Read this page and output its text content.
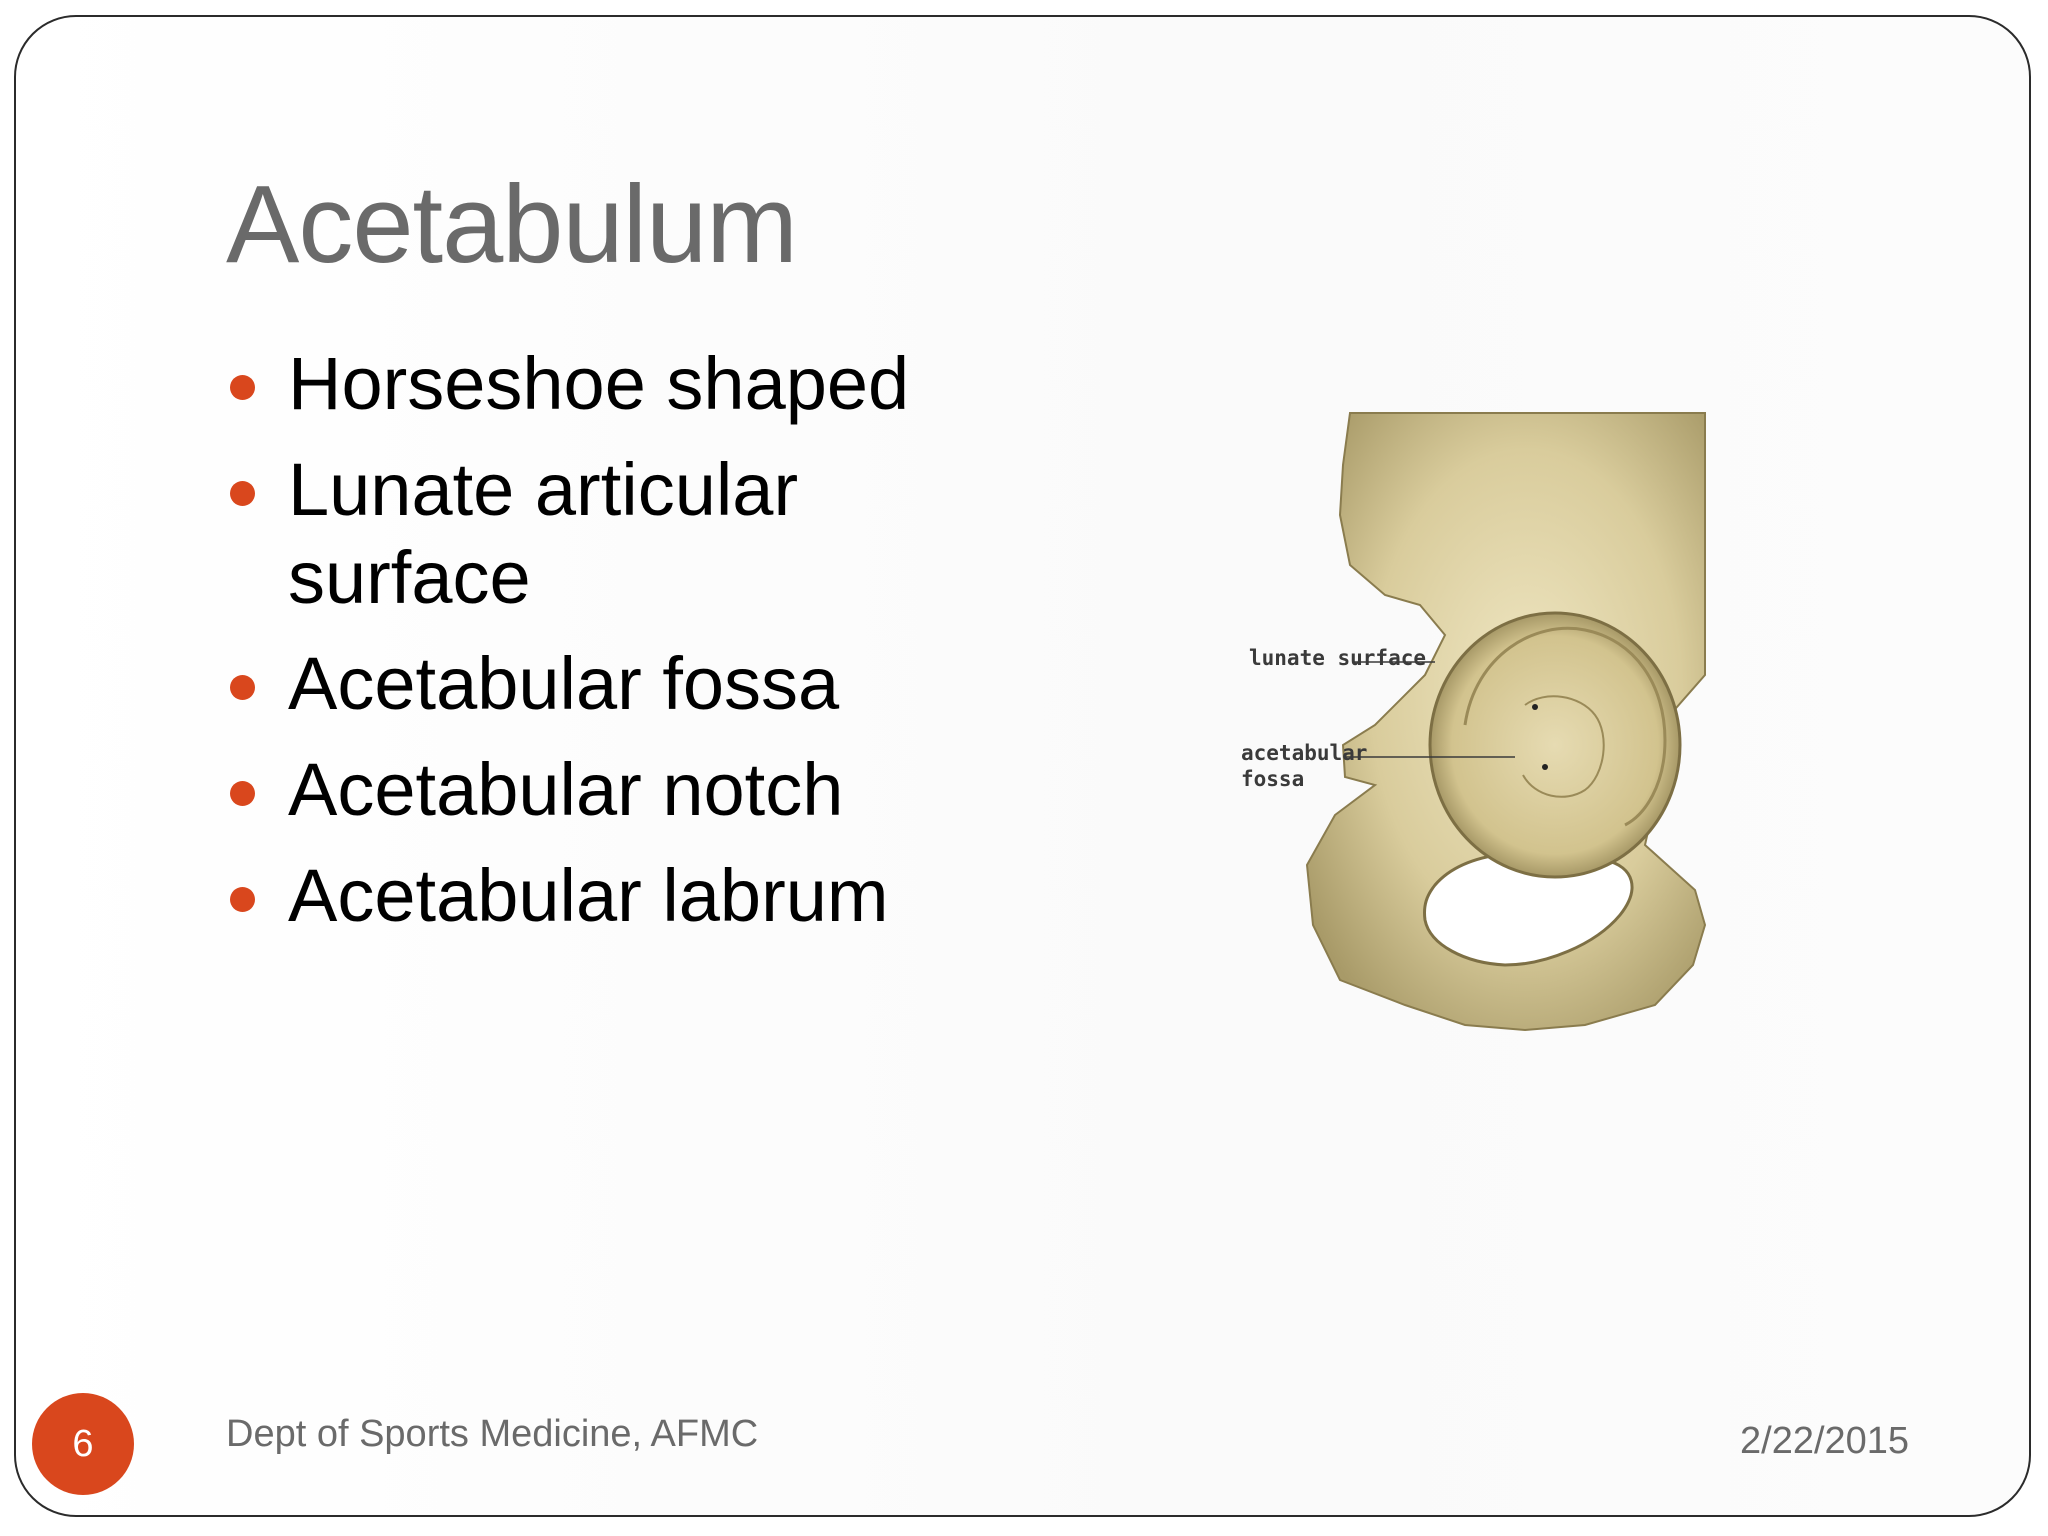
Acetabulum
Horseshoe shaped
Lunate articular surface
Acetabular fossa
Acetabular notch
Acetabular labrum
lunate surface
acetabular
fossa
6	Dept of Sports Medicine, AFMC	2/22/2015
